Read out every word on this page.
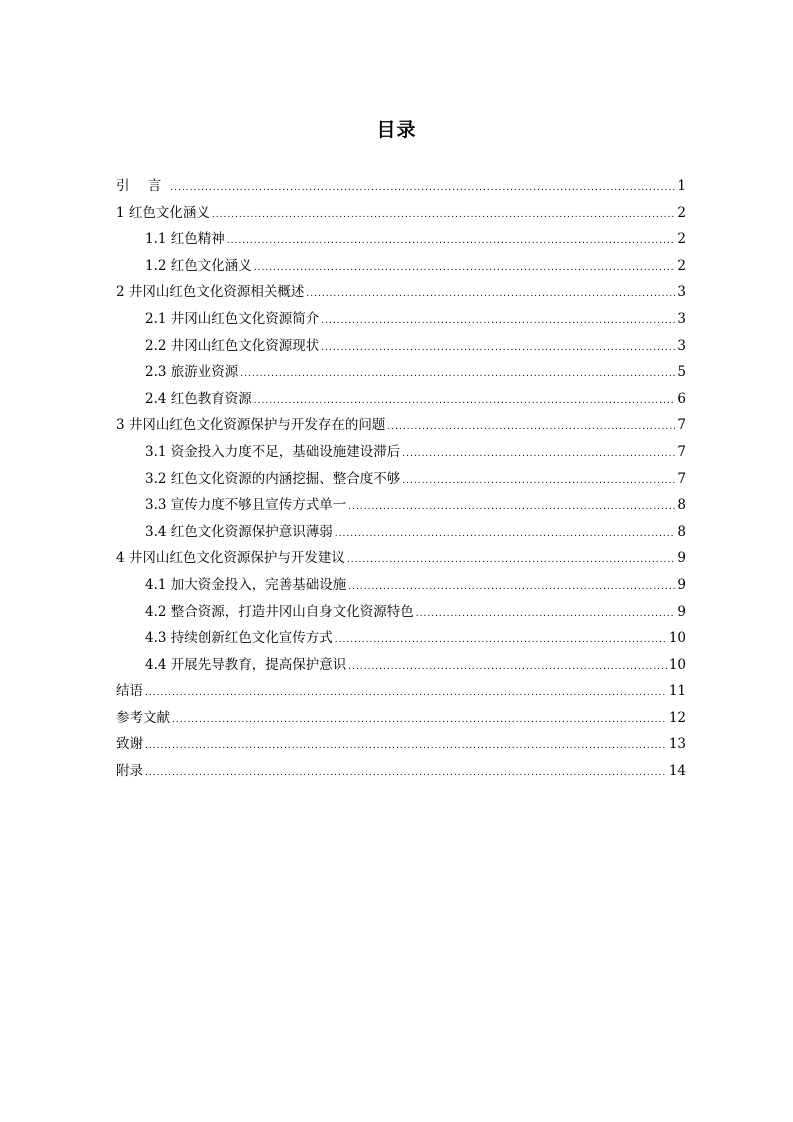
目录
引 言 .....	1
1 红色文化涵义 .....	2
1.1 红色精神 .....	2
1.2 红色文化涵义 .....	2
2 井冈山红色文化资源相关概述 .....	3
2.1 井冈山红色文化资源简介 .....	3
2.2 井冈山红色文化资源现状 .....	3
2.3 旅游业资源 .....	5
2.4 红色教育资源 .....	6
3 井冈山红色文化资源保护与开发存在的问题 .....	7
3.1 资金投入力度不足，基础设施建设滞后 .....	7
3.2 红色文化资源的内涵挖掘、整合度不够 .....	7
3.3 宣传力度不够且宣传方式单一 .....	8
3.4 红色文化资源保护意识薄弱 .....	8
4 井冈山红色文化资源保护与开发建议 .....	9
4.1 加大资金投入，完善基础设施 .....	9
4.2 整合资源，打造井冈山自身文化资源特色 .....	9
4.3 持续创新红色文化宣传方式 .....	10
4.4 开展先导教育，提高保护意识 .....	10
结语 .....	11
参考文献 .....	12
致谢 .....	13
附录 .....	14
